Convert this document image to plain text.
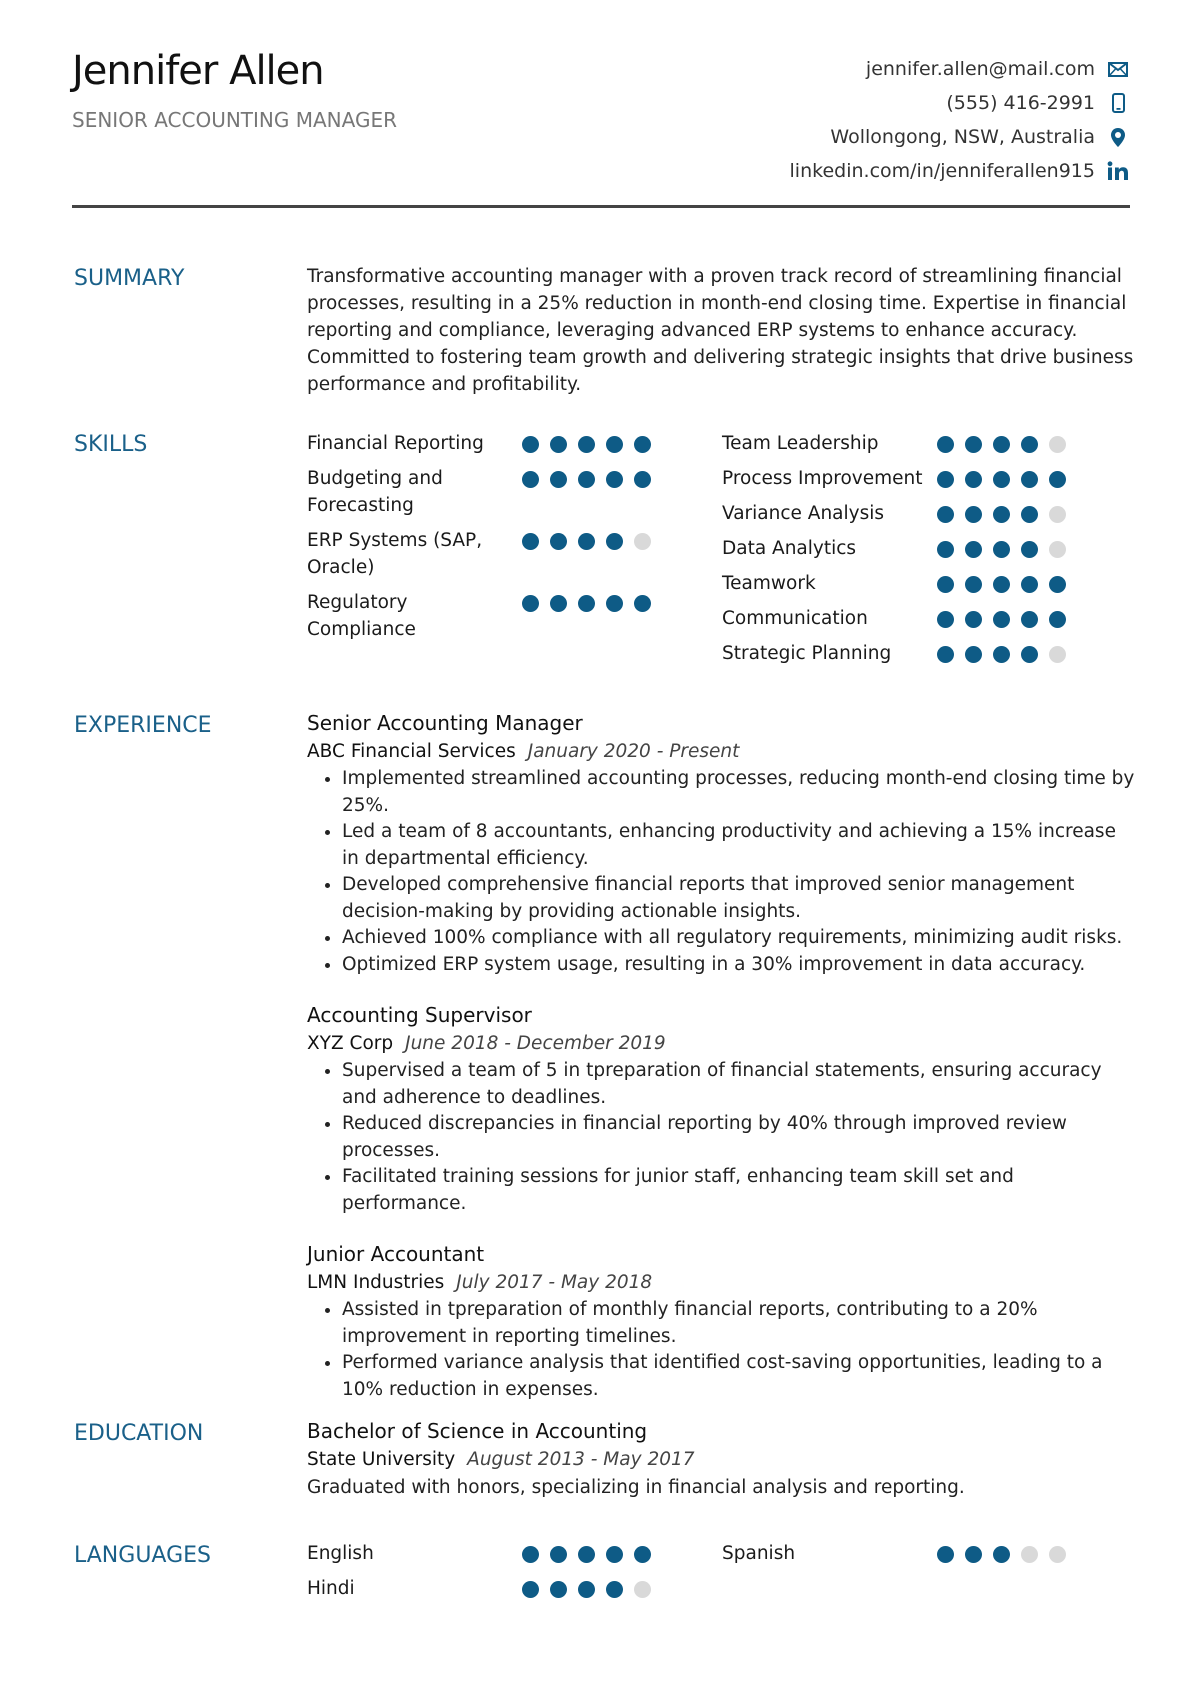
Jennifer Allen
SENIOR ACCOUNTING MANAGER
jennifer.allen@mail.com
(555) 416-2991
Wollongong, NSW, Australia
linkedin.com/in/jenniferallen915
SUMMARY	Transformative accounting manager with a proven track record of streamlining financial processes, resulting in a 25% reduction in month-end closing time. Expertise in financial reporting and compliance, leveraging advanced ERP systems to enhance accuracy. Committed to fostering team growth and delivering strategic insights that drive business performance and profitability.

SKILLS	Financial Reporting
Budgeting and Forecasting
ERP Systems (SAP, Oracle)
Regulatory Compliance
Team Leadership
Process Improvement
Variance Analysis
Data Analytics
Teamwork
Communication
Strategic Planning
EXPERIENCE	Senior Accounting Manager
ABC Financial Services January 2020 - Present
• Implemented streamlined accounting processes, reducing month-end closing time by 25%.
• Led a team of 8 accountants, enhancing productivity and achieving a 15% increase in departmental efficiency.
• Developed comprehensive financial reports that improved senior management decision-making by providing actionable insights.
• Achieved 100% compliance with all regulatory requirements, minimizing audit risks.
• Optimized ERP system usage, resulting in a 30% improvement in data accuracy.
Accounting Supervisor
XYZ Corp June 2018 - December 2019
• Supervised a team of 5 in tpreparation of financial statements, ensuring accuracy and adherence to deadlines.
• Reduced discrepancies in financial reporting by 40% through improved review processes.
• Facilitated training sessions for junior staff, enhancing team skill set and performance.
Junior Accountant
LMN Industries July 2017 - May 2018
• Assisted in tpreparation of monthly financial reports, contributing to a 20% improvement in reporting timelines.
• Performed variance analysis that identified cost-saving opportunities, leading to a 10% reduction in expenses.
EDUCATION	Bachelor of Science in Accounting
State University August 2013 - May 2017
Graduated with honors, specializing in financial analysis and reporting.
LANGUAGES	English
Hindi
Spanish
